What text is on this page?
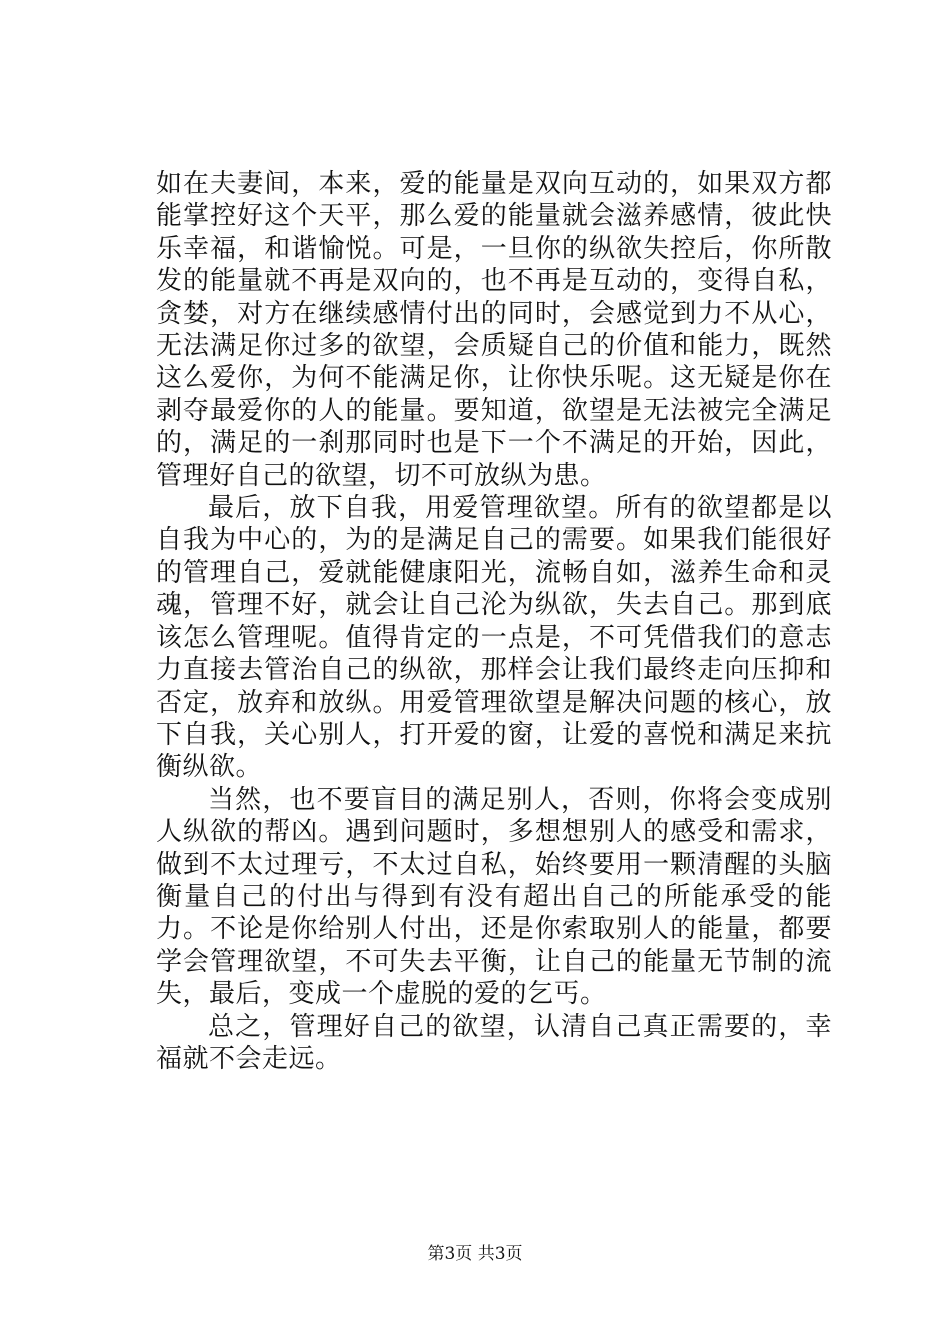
如在夫妻间，本来，爱的能量是双向互动的，如果双方都能掌控好这个天平，那么爱的能量就会滋养感情，彼此快乐幸福，和谐愉悦。可是，一旦你的纵欲失控后，你所散发的能量就不再是双向的，也不再是互动的，变得自私，贪婪，对方在继续感情付出的同时，会感觉到力不从心，无法满足你过多的欲望，会质疑自己的价值和能力，既然这么爱你，为何不能满足你，让你快乐呢。这无疑是你在剥夺最爱你的人的能量。要知道，欲望是无法被完全满足的，满足的一刹那同时也是下一个不满足的开始，因此，管理好自己的欲望，切不可放纵为患。

最后，放下自我，用爱管理欲望。所有的欲望都是以自我为中心的，为的是满足自己的需要。如果我们能很好的管理自己，爱就能健康阳光，流畅自如，滋养生命和灵魂，管理不好，就会让自己沦为纵欲，失去自己。那到底该怎么管理呢。值得肯定的一点是，不可凭借我们的意志力直接去管治自己的纵欲，那样会让我们最终走向压抑和否定，放弃和放纵。用爱管理欲望是解决问题的核心，放下自我，关心别人，打开爱的窗，让爱的喜悦和满足来抗衡纵欲。

当然，也不要盲目的满足别人，否则，你将会变成别人纵欲的帮凶。遇到问题时，多想想别人的感受和需求，做到不太过理亏，不太过自私，始终要用一颗清醒的头脑衡量自己的付出与得到有没有超出自己的所能承受的能力。不论是你给别人付出，还是你索取别人的能量，都要学会管理欲望，不可失去平衡，让自己的能量无节制的流失，最后，变成一个虚脱的爱的乞丐。

总之，管理好自己的欲望，认清自己真正需要的，幸福就不会走远。

第3页 共3页
